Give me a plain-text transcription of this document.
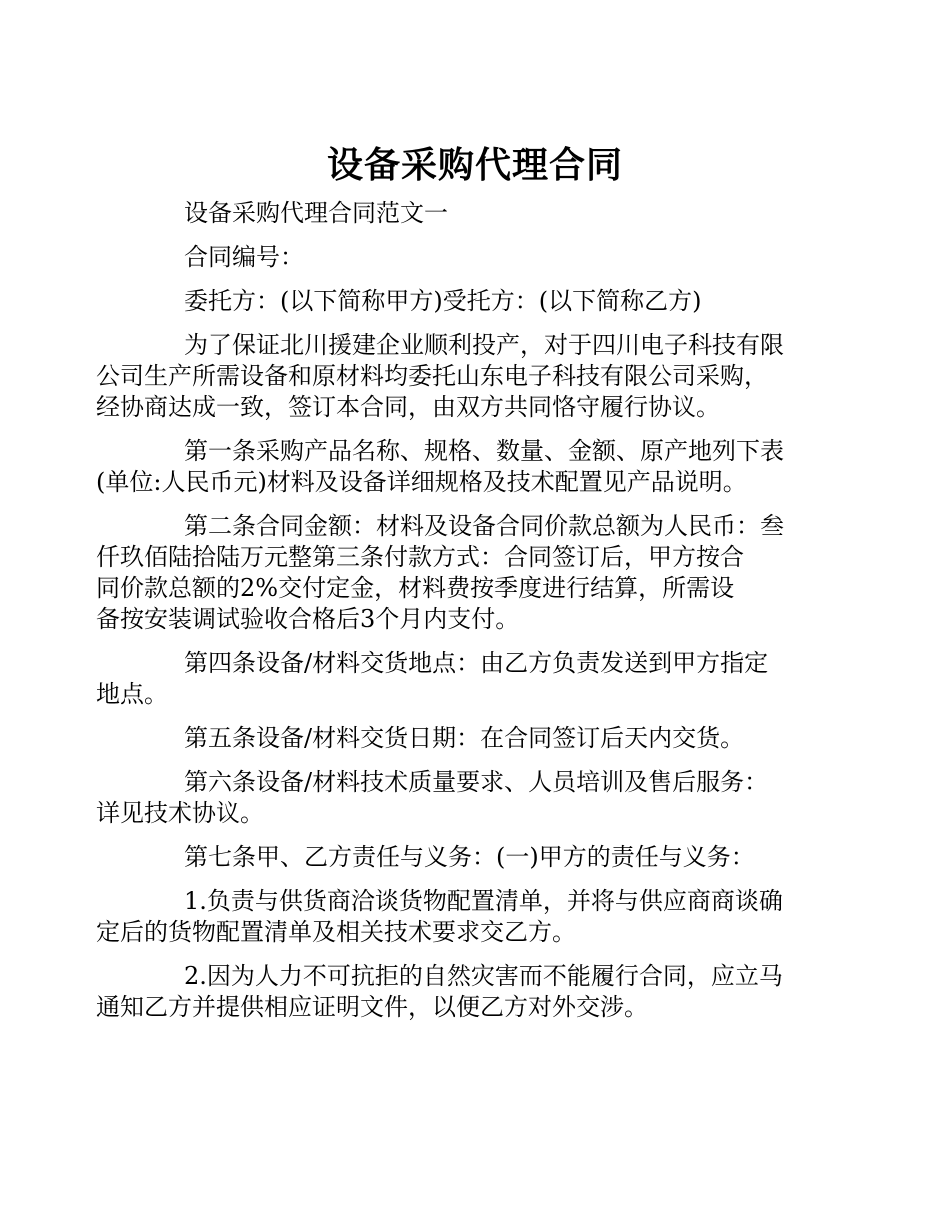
设备采购代理合同

设备采购代理合同范文一

合同编号：

委托方：(以下简称甲方)受托方：(以下简称乙方)

为了保证北川援建企业顺利投产，对于四川电子科技有限
公司生产所需设备和原材料均委托山东电子科技有限公司采购，
经协商达成一致，签订本合同，由双方共同恪守履行协议。

第一条采购产品名称、规格、数量、金额、原产地列下表
(单位:人民币元)材料及设备详细规格及技术配置见产品说明。

第二条合同金额：材料及设备合同价款总额为人民币：叁
仟玖佰陆拾陆万元整第三条付款方式：合同签订后，甲方按合
同价款总额的2%交付定金，材料费按季度进行结算，所需设
备按安装调试验收合格后3个月内支付。

第四条设备/材料交货地点：由乙方负责发送到甲方指定
地点。

第五条设备/材料交货日期：在合同签订后天内交货。

第六条设备/材料技术质量要求、人员培训及售后服务：
详见技术协议。

第七条甲、乙方责任与义务：(一)甲方的责任与义务：

1.负责与供货商洽谈货物配置清单，并将与供应商商谈确
定后的货物配置清单及相关技术要求交乙方。

2.因为人力不可抗拒的自然灾害而不能履行合同，应立马
通知乙方并提供相应证明文件，以便乙方对外交涉。
